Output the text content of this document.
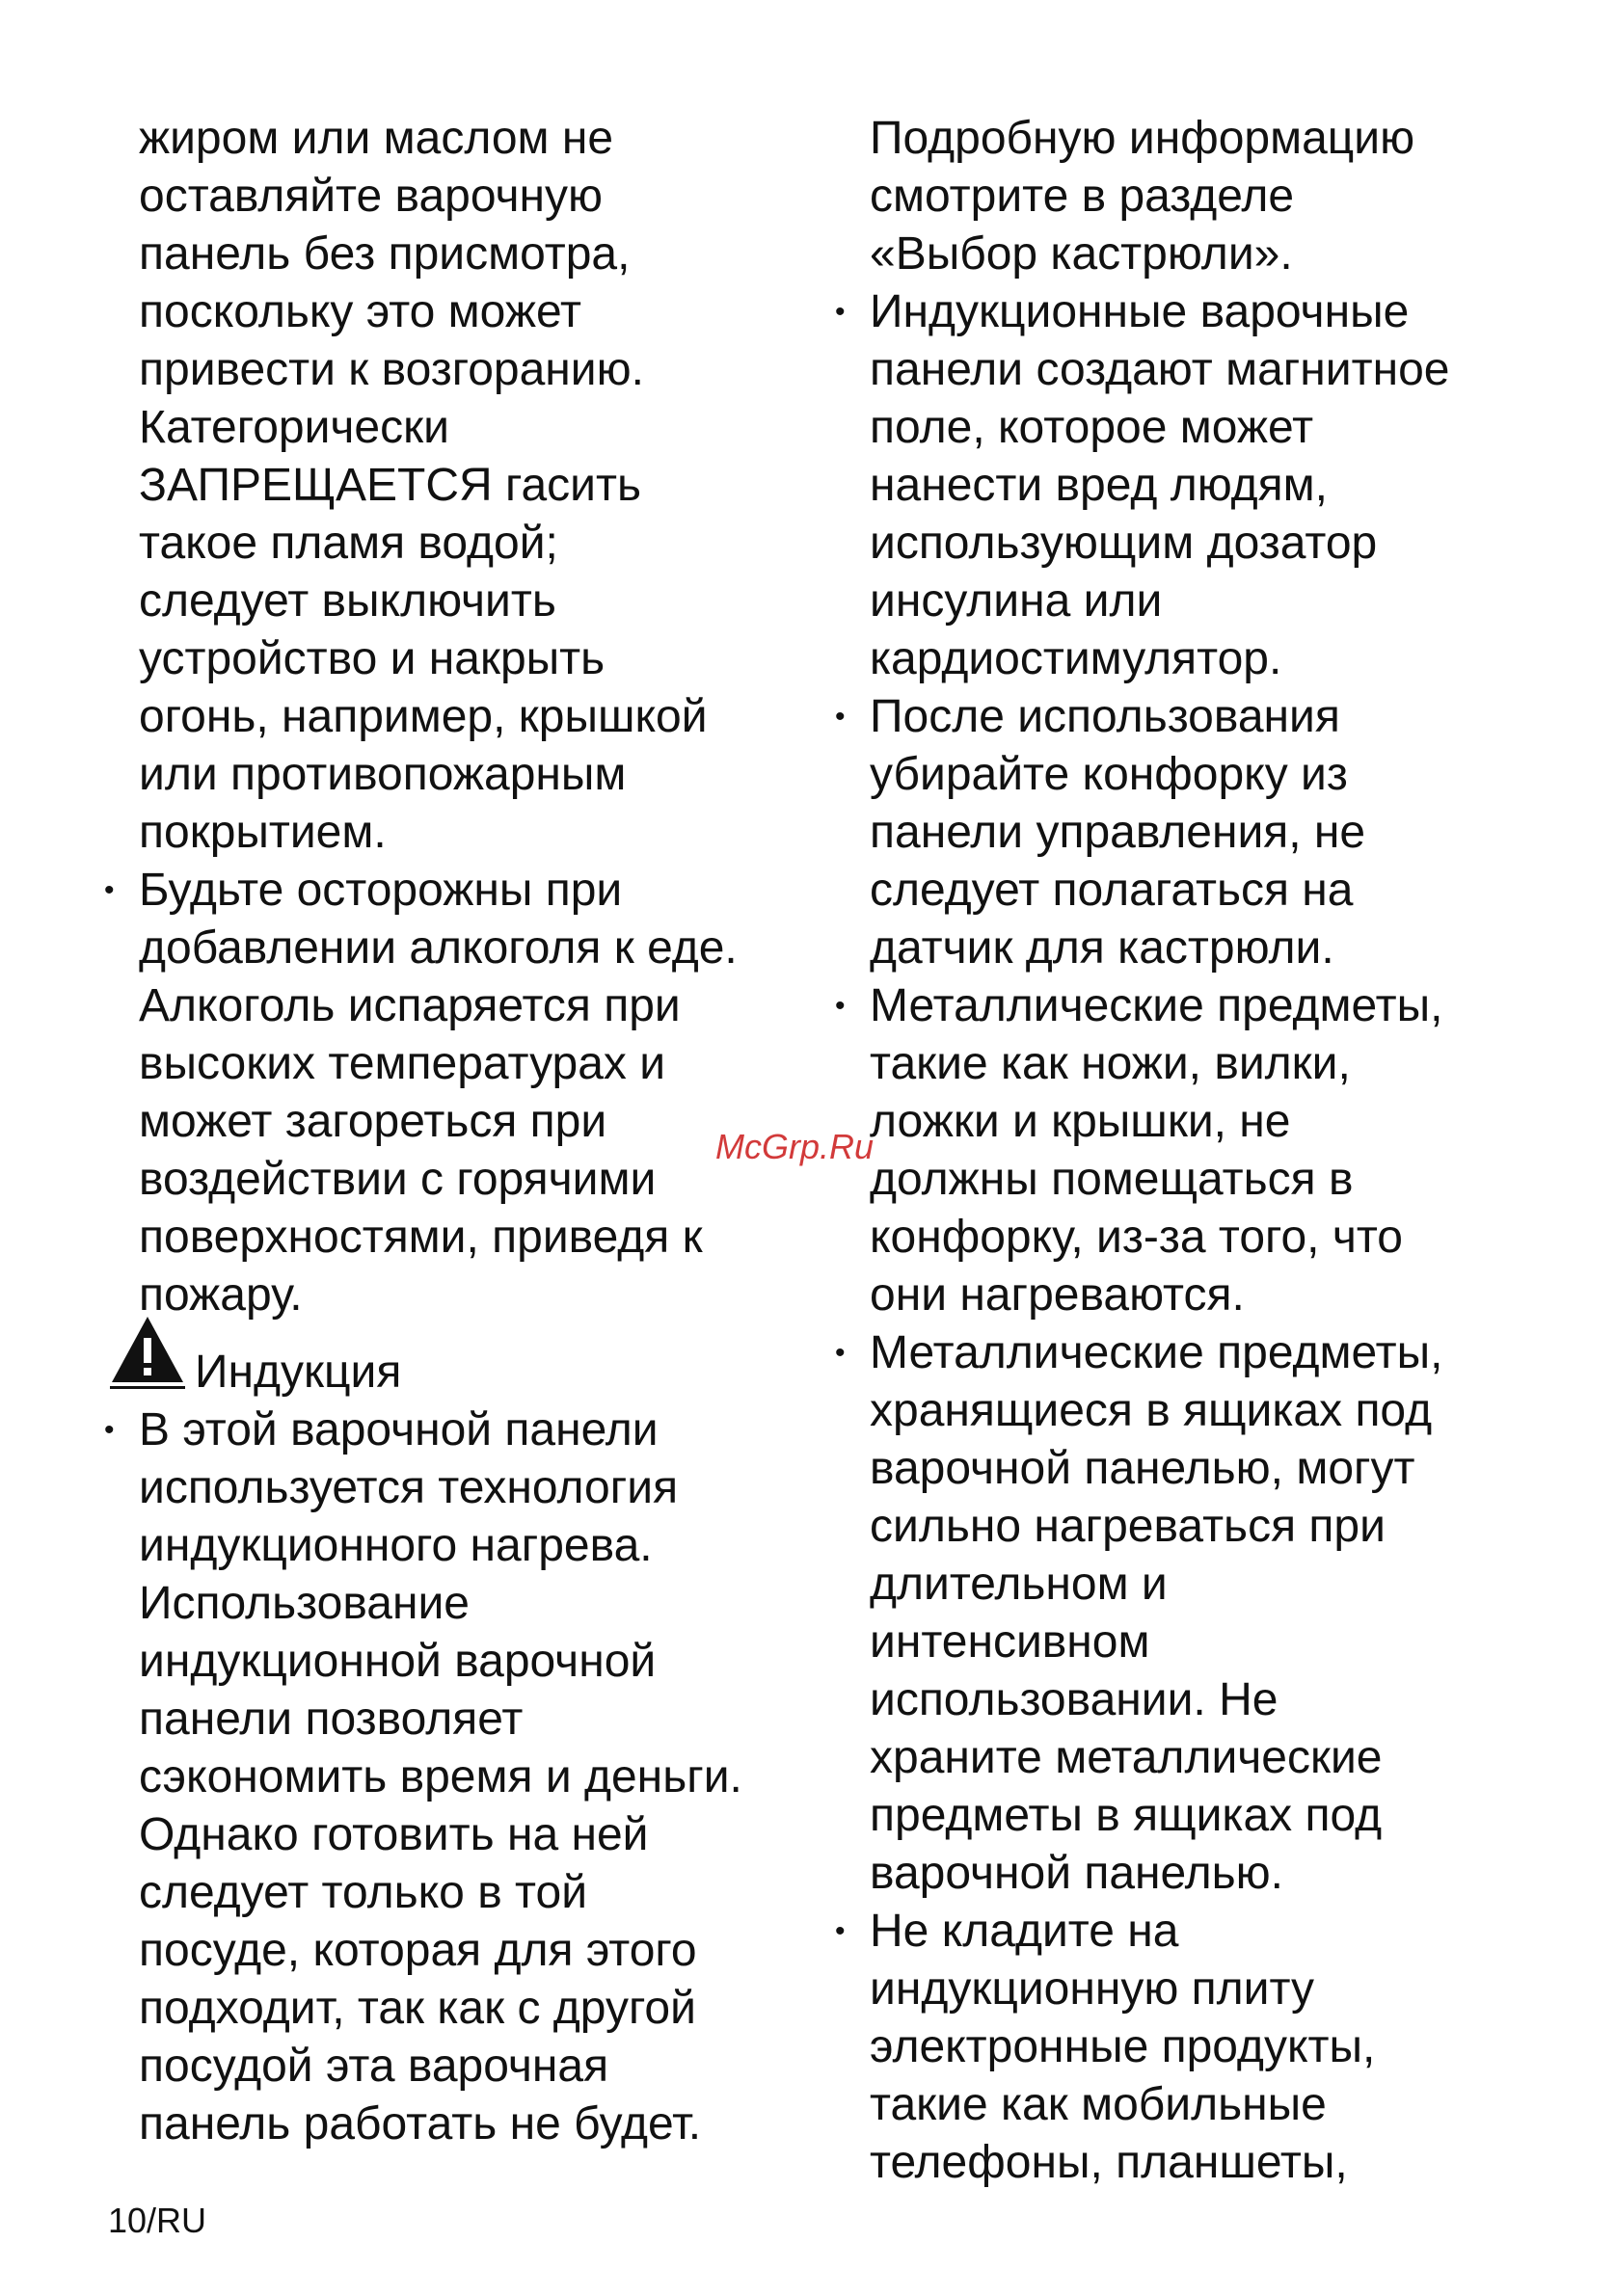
жиром или маслом не
оставляйте варочную
панель без присмотра,
поскольку это может
привести к возгоранию.
Категорически
ЗАПРЕЩАЕТСЯ гасить
такое пламя водой;
следует выключить
устройство и накрыть
огонь, например, крышкой
или противопожарным
покрытием.
• Будьте осторожны при
добавлении алкоголя к еде.
Алкоголь испаряется при
высоких температурах и
может загореться при
воздействии с горячими
поверхностями, приведя к
пожару.
Индукция
• В этой варочной панели
используется технология
индукционного нагрева.
Использование
индукционной варочной
панели позволяет
сэкономить время и деньги.
Однако готовить на ней
следует только в той
посуде, которая для этого
подходит, так как с другой
посудой эта варочная
панель работать не будет.
Подробную информацию
смотрите в разделе
«Выбор кастрюли».
• Индукционные варочные
панели создают магнитное
поле, которое может
нанести вред людям,
использующим дозатор
инсулина или
кардиостимулятор.
• После использования
убирайте конфорку из
панели управления, не
следует полагаться на
датчик для кастрюли.
• Металлические предметы,
такие как ножи, вилки,
ложки и крышки, не
должны помещаться в
конфорку, из-за того, что
они нагреваются.
• Металлические предметы,
хранящиеся в ящиках под
варочной панелью, могут
сильно нагреваться при
длительном и
интенсивном
использовании. Не
храните металлические
предметы в ящиках под
варочной панелью.
• Не кладите на
индукционную плиту
электронные продукты,
такие как мобильные
телефоны, планшеты,
McGrp.Ru
10/RU
